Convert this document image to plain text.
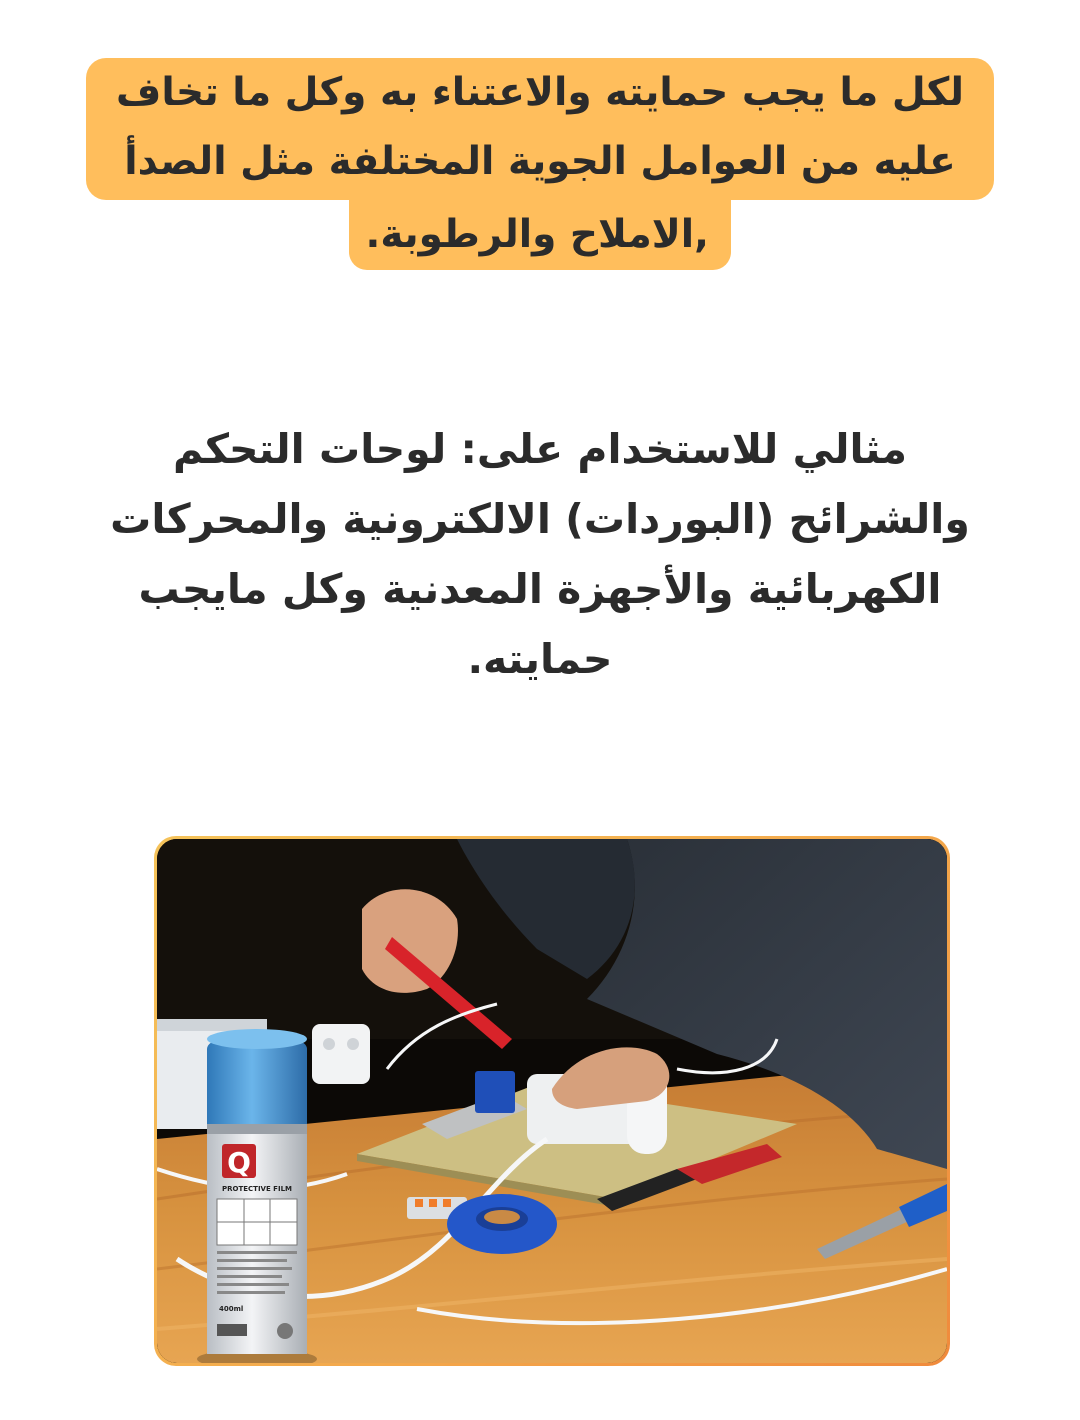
لكل ما يجب حمايته والاعتناء به وكل ما تخاف
عليه من العوامل الجوية المختلفة مثل الصدأ
,الاملاح والرطوبة.
مثالي للاستخدام على: لوحات التحكم
والشرائح (البوردات) الالكترونية والمحركات
الكهربائية والأجهزة المعدنية وكل مايجب
حمايته.
Q
PROTECTIVE FILM
400ml
